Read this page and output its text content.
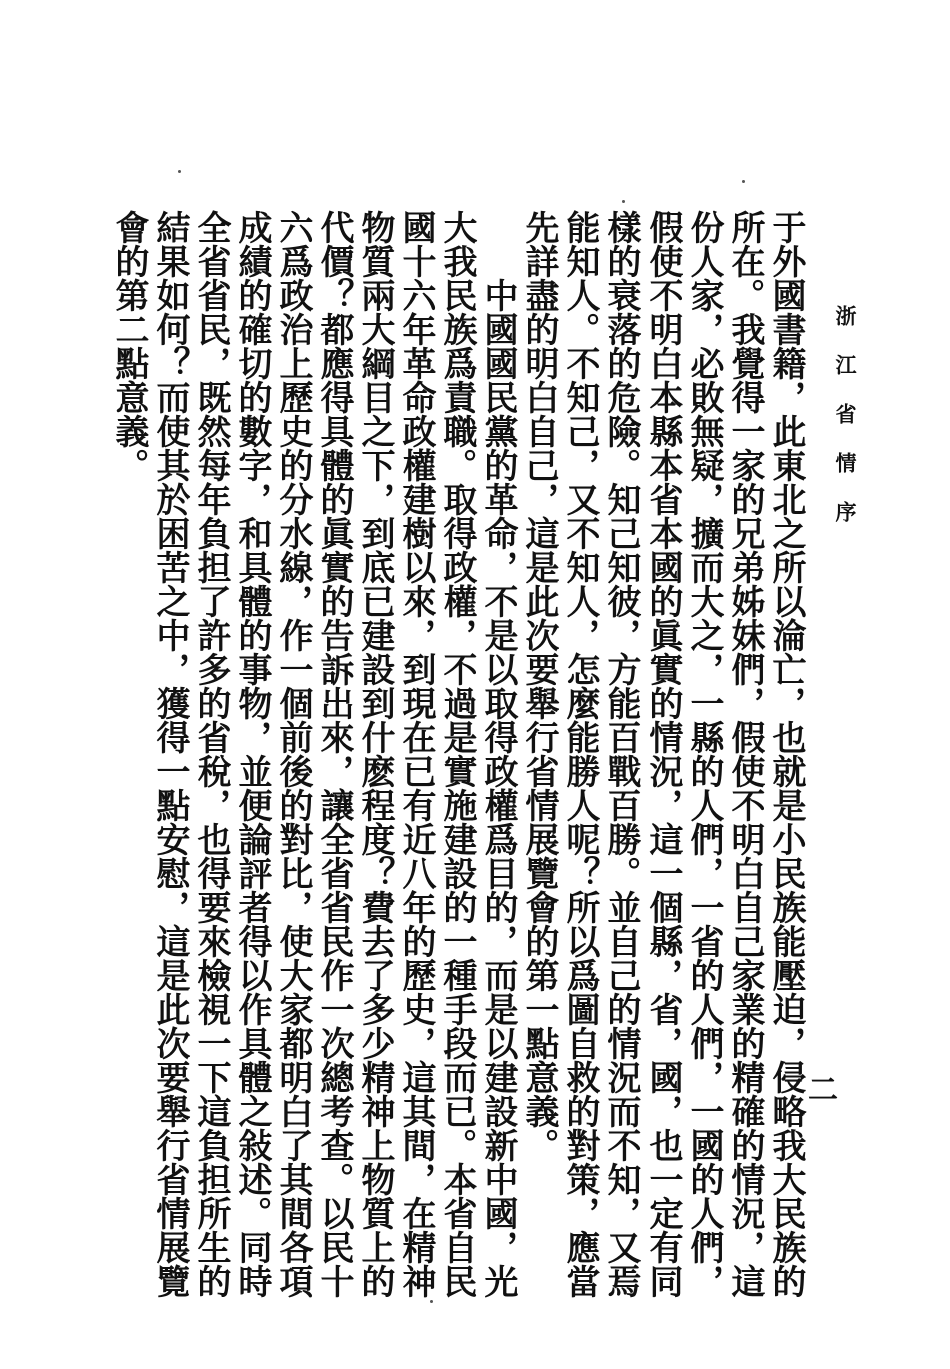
浙江省情序
二
于外國書籍，此東北之所以淪亡，也就是小民族能壓迫，侵略我大民族的
所在。我覺得一家的兄弟姊妹們，假使不明白自己家業的精確的情況，這
份人家，必敗無疑，擴而大之，一縣的人們，一省的人們，一國的人們，
假使不明白本縣本省本國的眞實的情況，這一個縣，省，國，也一定有同
樣的衰落的危險。知己知彼，方能百戰百勝。並自己的情況而不知，又焉
能知人。不知己，又不知人，怎麼能勝人呢？所以爲圖自救的對策，應當
先詳盡的明白自己，這是此次要舉行省情展覽會的第一點意義。
　　中國國民黨的革命，不是以取得政權爲目的，而是以建設新中國，光
大我民族爲責職。取得政權，不過是實施建設的一種手段而已。本省自民
國十六年革命政權建樹以來，到現在已有近八年的歷史，這其間，在精神
物質兩大綱目之下，到底已建設到什麽程度？費去了多少精神上物質上的
代價？都應得具體的眞實的告訴出來，讓全省省民作一次總考查。以民十
六爲政治上歷史的分水線，作一個前後的對比，使大家都明白了其間各項
成績的確切的數字，和具體的事物，並便論評者得以作具體之敍述。同時
全省省民，既然每年負担了許多的省稅，也得要來檢視一下這負担所生的
結果如何？而使其於困苦之中，獲得一點安慰，這是此次要舉行省情展覽
會的第二點意義。
